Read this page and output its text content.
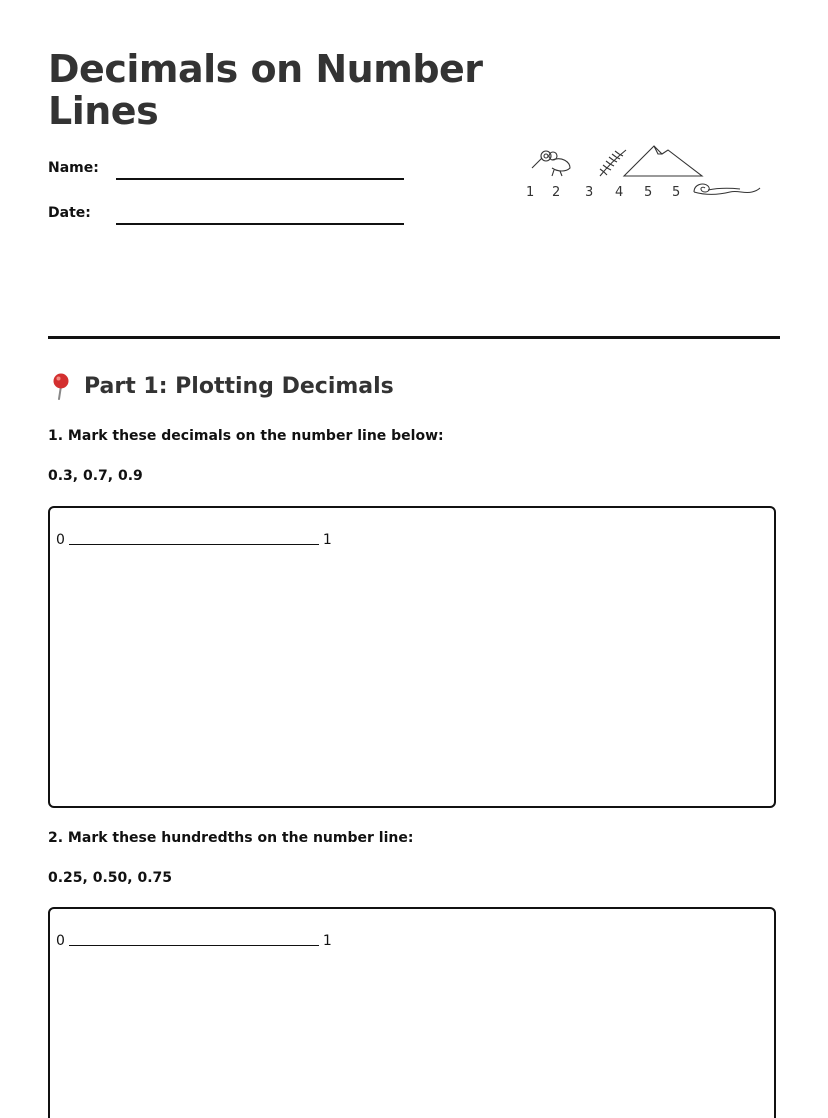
Decimals on Number Lines
Name:
Date:
1 2 3 4 5 5
Part 1: Plotting Decimals
1. Mark these decimals on the number line below:
0.3, 0.7, 0.9
0	1
2. Mark these hundredths on the number line:
0.25, 0.50, 0.75
0	1
